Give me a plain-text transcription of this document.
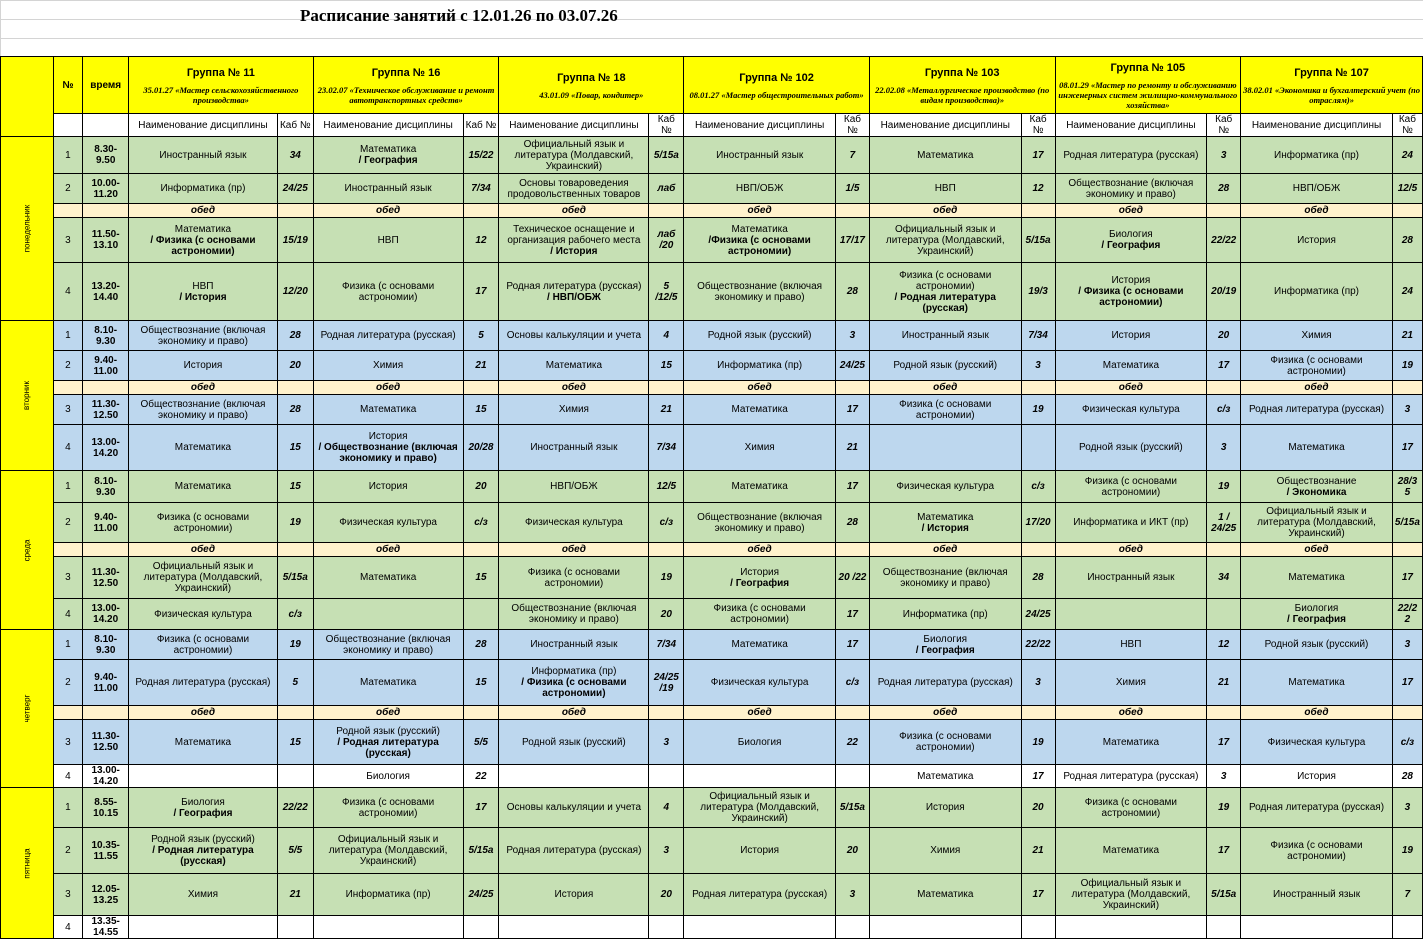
Расписание занятий с 12.01.26 по 03.07.26
	№	время	Группа № 11
35.01.27 «Мастер сельскохозяйственного производства»		Группа № 16
23.02.07 «Техническое обслуживание и ремонт автотранспортных средств»		Группа № 18
43.01.09 «Повар, кондитер»		Группа № 102
08.01.27 «Мастер общестроительных работ»		Группа № 103
22.02.08 «Металлургическое производство (по видам производства)»		Группа № 105
08.01.29 «Мастер по ремонту и обслуживанию инженерных систем жилищно-коммунального хозяйства»		Группа № 107
38.02.01 «Экономика и бухгалтерский учет (по отраслям)»	

			Наименование дисциплины	Каб №	Наименование дисциплины	Каб №	Наименование дисциплины	Каб №	Наименование дисциплины	Каб №	Наименование дисциплины	Каб №	Наименование дисциплины	Каб №	Наименование дисциплины	Каб №
понедельник	1	8.30-9.50	Иностранный язык	34	Математика
/ География	15/22	Официальный язык и литература (Молдавский, Украинский)	5/15а	Иностранный язык	7	Математика	17	Родная литература (русская)	3	Информатика (пр)	24
	2	10.00-11.20	Информатика (пр)	24/25	Иностранный язык	7/34	Основы товароведения продовольственных товаров	лаб	НВП/ОБЖ	1/5	НВП	12	Обществознание (включая экономику и право)	28	НВП/ОБЖ	12/5
			обед		обед		обед		обед		обед		обед		обед	
	3	11.50-13.10	Математика
/ Физика (с основами астрономии)	15/19	НВП	12	Техническое оснащение и организация рабочего места
/ История	лаб /20	Математика
/Физика (с основами астрономии)	17/17	Официальный язык и литература (Молдавский, Украинский)	5/15а	Биология
/ География	22/22	История	28
	4	13.20-14.40	НВП
/ История	12/20	Физика (с основами астрономии)	17	Родная литература (русская)
/ НВП/ОБЖ	5 /12/5	Обществознание (включая экономику и право)	28	Физика (с основами астрономии)
/ Родная литература (русская)	19/3	История
/ Физика (с основами астрономии)	20/19	Информатика (пр)	24
вторник	1	8.10-9.30	Обществознание (включая экономику и право)	28	Родная литература (русская)	5	Основы калькуляции и учета	4	Родной язык (русский)	3	Иностранный язык	7/34	История	20	Химия	21
	2	9.40-11.00	История	20	Химия	21	Математика	15	Информатика (пр)	24/25	Родной язык (русский)	3	Математика	17	Физика (с основами астрономии)	19
			обед		обед		обед		обед		обед		обед		обед	
	3	11.30-12.50	Обществознание (включая экономику и право)	28	Математика	15	Химия	21	Математика	17	Физика (с основами астрономии)	19	Физическая культура	с/з	Родная литература (русская)	3
	4	13.00-14.20	Математика	15	История
/ Обществознание (включая экономику и право)	20/28	Иностранный язык	7/34	Химия	21			Родной язык (русский)	3	Математика	17
среда	1	8.10-9.30	Математика	15	История	20	НВП/ОБЖ	12/5	Математика	17	Физическая культура	с/з	Физика (с основами астрономии)	19	Обществознание
/ Экономика	28/3 5
	2	9.40-11.00	Физика (с основами астрономии)	19	Физическая культура	с/з	Физическая культура	с/з	Обществознание (включая экономику и право)	28	Математика
/ История	17/20	Информатика и ИКТ (пр)	1 / 24/25	Официальный язык и литература (Молдавский, Украинский)	5/15а
			обед		обед		обед		обед		обед		обед		обед	
	3	11.30-12.50	Официальный язык и литература (Молдавский, Украинский)	5/15а	Математика	15	Физика (с основами астрономии)	19	История
/ География	20 /22	Обществознание (включая экономику и право)	28	Иностранный язык	34	Математика	17
	4	13.00-14.20	Физическая культура	с/з			Обществознание (включая экономику и право)	20	Физика (с основами астрономии)	17	Информатика (пр)	24/25			Биология
/ География	22/2 2
четверг	1	8.10-9.30	Физика (с основами астрономии)	19	Обществознание (включая экономику и право)	28	Иностранный язык	7/34	Математика	17	Биология
/ География	22/22	НВП	12	Родной язык (русский)	3
	2	9.40-11.00	Родная литература (русская)	5	Математика	15	Информатика (пр)
/ Физика (с основами астрономии)	24/25 /19	Физическая культура	с/з	Родная литература (русская)	3	Химия	21	Математика	17
			обед		обед		обед		обед		обед		обед		обед	
	3	11.30-12.50	Математика	15	Родной язык (русский)
/ Родная литература (русская)	5/5	Родной язык (русский)	3	Биология	22	Физика (с основами астрономии)	19	Математика	17	Физическая культура	с/з
	4	13.00-14.20			Биология	22					Математика	17	Родная литература (русская)	3	История	28
пятница	1	8.55-10.15	Биология
/ География	22/22	Физика (с основами астрономии)	17	Основы калькуляции и учета	4	Официальный язык и литература (Молдавский, Украинский)	5/15а	История	20	Физика (с основами астрономии)	19	Родная литература (русская)	3
	2	10.35-11.55	Родной язык (русский)
/ Родная литература (русская)	5/5	Официальный язык и литература (Молдавский, Украинский)	5/15а	Родная литература (русская)	3	История	20	Химия	21	Математика	17	Физика (с основами астрономии)	19
	3	12.05-13.25	Химия	21	Информатика (пр)	24/25	История	20	Родная литература (русская)	3	Математика	17	Официальный язык и литература (Молдавский, Украинский)	5/15а	Иностранный язык	7
	4	13.35-14.55														
